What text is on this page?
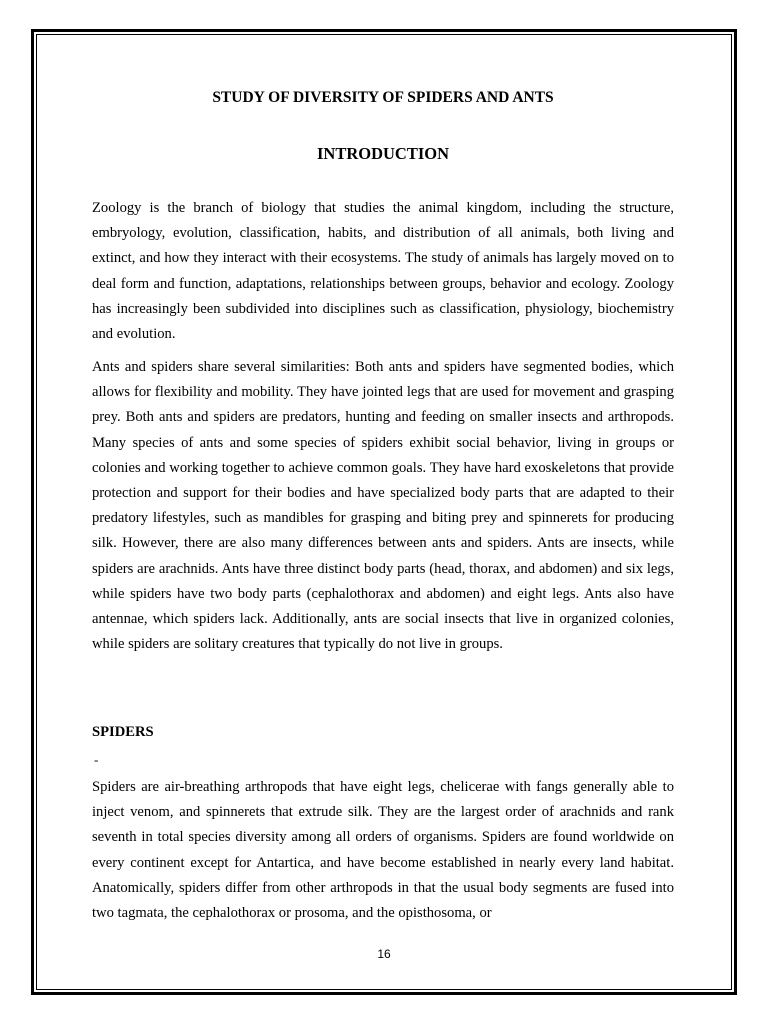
STUDY OF DIVERSITY OF SPIDERS AND ANTS
INTRODUCTION

Zoology is the branch of biology that studies the animal kingdom, including the structure, embryology, evolution, classification, habits, and distribution of all animals, both living and extinct, and how they interact with their ecosystems. The study of animals has largely moved on to deal form and function, adaptations, relationships between groups, behavior and ecology. Zoology has increasingly been subdivided into disciplines such as classification, physiology, biochemistry and evolution.

Ants and spiders share several similarities: Both ants and spiders have segmented bodies, which allows for flexibility and mobility. They have jointed legs that are used for movement and grasping prey. Both ants and spiders are predators, hunting and feeding on smaller insects and arthropods. Many species of ants and some species of spiders exhibit social behavior, living in groups or colonies and working together to achieve common goals. They have hard exoskeletons that provide protection and support for their bodies and have specialized body parts that are adapted to their predatory lifestyles, such as mandibles for grasping and biting prey and spinnerets for producing silk. However, there are also many differences between ants and spiders. Ants are insects, while spiders are arachnids. Ants have three distinct body parts (head, thorax, and abdomen) and six legs, while spiders have two body parts (cephalothorax and abdomen) and eight legs. Ants also have antennae, which spiders lack. Additionally, ants are social insects that live in organized colonies, while spiders are solitary creatures that typically do not live in groups.

SPIDERS
-

Spiders are air-breathing arthropods that have eight legs, chelicerae with fangs generally able to inject venom, and spinnerets that extrude silk. They are the largest order of arachnids and rank seventh in total species diversity among all orders of organisms. Spiders are found worldwide on every continent except for Antartica, and have become established in nearly every land habitat. Anatomically, spiders differ from other arthropods in that the usual body segments are fused into two tagmata, the cephalothorax or prosoma, and the opisthosoma, or

16
